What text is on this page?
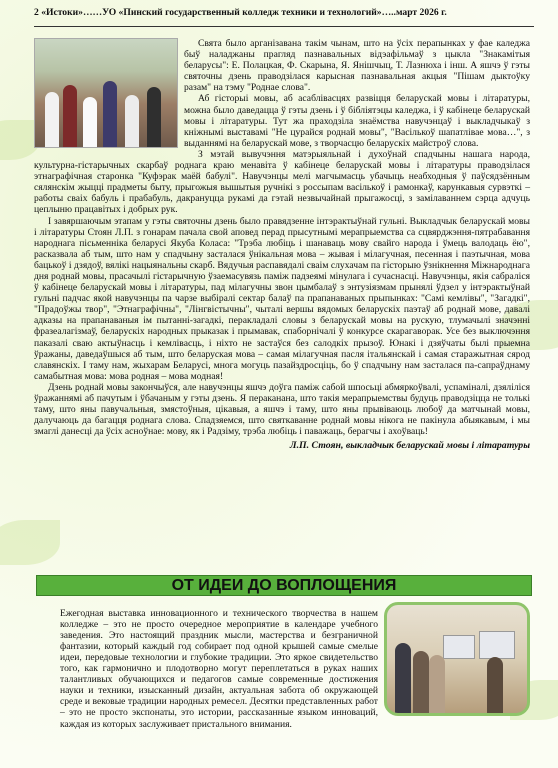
2 «Истоки»……УО «Пинский государственный колледж техники и технологий»…..март 2026 г.

Свята было арганізавана такім чынам, што на ўсіх перапынках у фае каледжа быў наладжаны прагляд пазнавальных відэафільмаў з цыкла "Знакамітыя беларусы": Е. Полацкая, Ф. Скарына, Я. Янішчыц, Т. Лазнюха і інш. А яшчэ ў гэты святочны дзень праводзілася карысная пазнавальная акцыя "Пішам дыктоўку разам" на тэму "Роднае слова".

Аб гісторыі мовы, аб асаблівасцях развіцця беларускай мовы і літаратуры, можна было даведацца ў гэты дзень і ў бібліятэцы каледжа, і ў кабінеце беларускай мовы і літаратуры. Тут жа праходзіла знаёмства навучэнцаў і выкладчыкаў з кніжнымі выставамі "Не цурайся роднай мовы", "Васількоў шапатлівае мова…", з выданнямі на беларускай мове, з творчасцю беларускіх майстроў слова.

З мэтай вывучэння матэрыяльнай і духоўнай спадчыны нашага народа, культурна-гістарычных скарбаў роднага краю менавіта ў кабінеце беларускай мовы і літаратуры праводзілася этнаграфічная старонка "Куфэрак маёй бабулі". Навучэнцы мелі магчымасць убачыць неабходныя ў паўсядзённым сялянскім жыцці прадметы быту, прыгожыя вышытыя ручнікі з россыпам васількоў і рамонкаў, карункавыя сурвэткі – работы сваіх бабуль і прабабуль, дакрануцца рукамі да гэтай незвычайнай прыгажосці, з замілаваннем сэрца адчуць цеплыню працавітых і добрых рук.

І завяршаючым этапам у гэты святочны дзень было правядзенне інтэрактыўнай гульні. Выкладчык беларускай мовы і літаратуры Стоян Л.П. з гонарам пачала свой аповед перад прысутнымі мерапрыемства са сцвярджэння-пятрабавання народнага пісьменніка беларусі Якуба Коласа: "Трэба любіць і шанаваць мову свайго народа і ўмець валодаць ёю", расказвала аб тым, што нам у спадчыну засталася ўнікальная мова – жывая і мілагучная, песенная і паэтычная, мова бацькоў і дзядоў, вялікі нацыянальны скарб. Вядучыя распавядалі сваім слухачам па гісторыю ўзнікнення Міжнароднага дня роднай мовы, прасачылі гістарычную ўзаемасувязь паміж падзеямі мінулага і сучаснасці. Навучэнцы, якія сабраліся ў кабінеце беларускай мовы і літаратуры, пад мілагучны звон цымбалаў з энтузіязмам прынялі ўдзел у інтэрактыўнай гульні падчас якой навучэнцы па чарзе выбіралі сектар балаў па прапанаваных прыпынках: "Самі кемлівы", "Загадкі", "Прадоўжы твор", "Этнаграфічны", "Лінгвістычны", чыталі вершы вядомых беларускіх паэтаў аб роднай мове, давалі адказы на прапанаваныя ім пытанні-загадкі, перакладалі словы з беларускай мовы на рускую, тлумачылі значэнні фразеалагізмаў, беларускіх народных прыказак і прымавак, спаборнічалі ў конкурсе скарагаворак. Усе без выключэння паказалі сваю актыўнасць і кемлівасць, і ніхто не застаўся без салодкіх прызоў. Юнакі і дзяўчаты былі прыемна ўражаны, даведаўшыся аб тым, што беларуская мова – самая мілагучная пасля італьянскай і самая старажытная сярод славянскіх. І таму нам, жыхарам Беларусі, многа могуць пазайздросціць, бо ў спадчыну нам засталася па-сапраўднаму самабытная мова: мова родная – мова модная!

Дзень роднай мовы закончыўся, але навучэнцы яшчэ доўга паміж сабой шпосьці абмяркоўвалі, успаміналі, дзяліліся ўражаннямі аб пачутым і ўбачаным у гэты дзень. Я пераканана, што такія мерапрыемствы будуць праводзіцца не толькі таму, што яны павучальныя, змястоўныя, цікавыя, а яшчэ і таму, што яны прывіваюць любоў да матчынай мовы, далучаюць да багацця роднага слова. Спадзяемся, што святкаванне роднай мовы нікога не пакінула абыякавым, і мы змаглі данесці да ўсіх асноўнае: мову, як і Радзіму, трэба любіць і паважаць, берагчы і ахоўваць!

Л.П. Стоян, выкладчык беларускай мовы і літаратуры
ОТ ИДЕИ ДО ВОПЛОЩЕНИЯ

Ежегодная выставка инновационного и технического творчества в нашем колледже – это не просто очередное мероприятие в календаре учебного заведения. Это настоящий праздник мысли, мастерства и безграничной фантазии, который каждый год собирает под одной крышей самые смелые идеи, передовые технологии и глубокие традиции. Это яркое свидетельство того, как гармонично и плодотворно могут переплетаться в руках наших талантливых обучающихся и педагогов самые современные достижения науки и техники, изысканный дизайн, актуальная забота об окружающей среде и вековые традиции народных ремесел. Десятки представленных работ – это не просто экспонаты, это истории, рассказанные языком инноваций, каждая из которых заслуживает пристального внимания.
